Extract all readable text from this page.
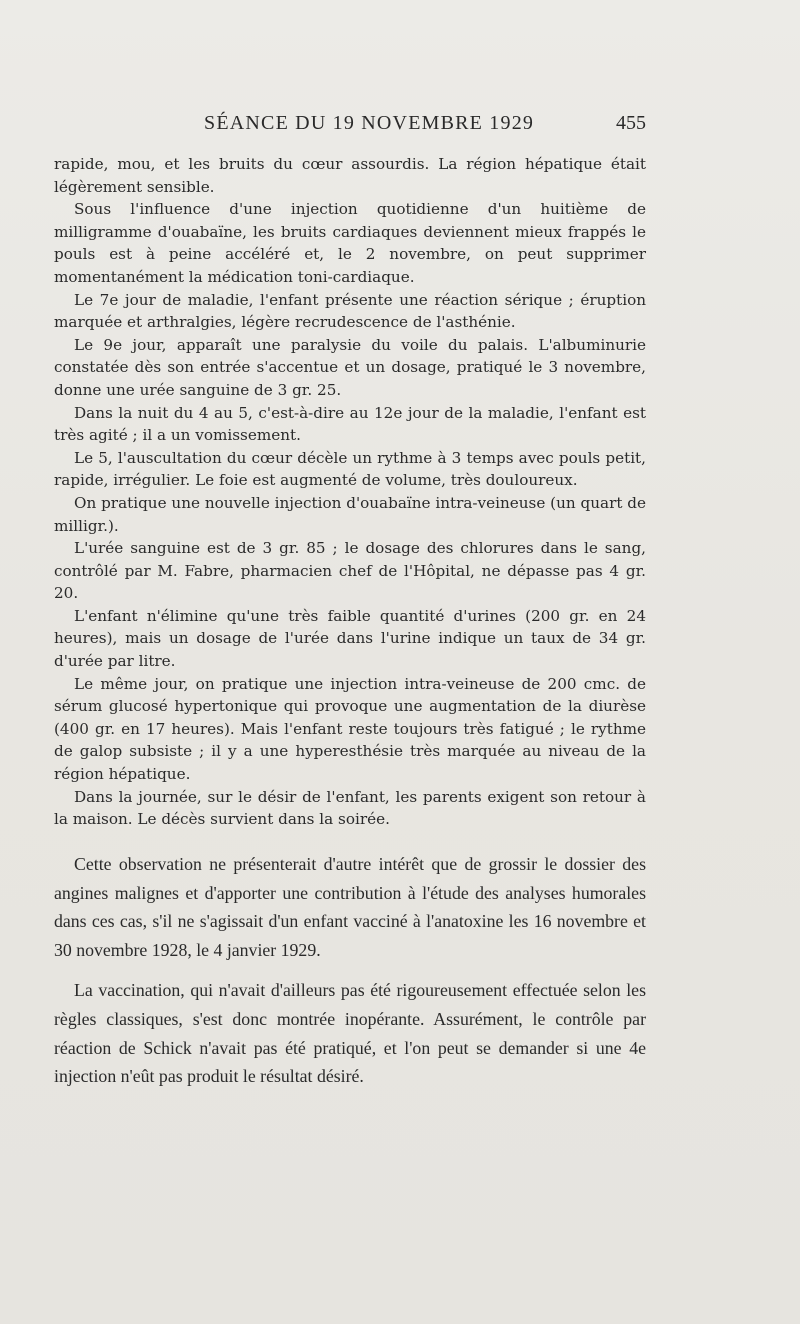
SÉANCE DU 19 NOVEMBRE 1929	455

rapide, mou, et les bruits du cœur assourdis. La région hépatique était légèrement sensible.

Sous l'influence d'une injection quotidienne d'un huitième de milligramme d'ouabaïne, les bruits cardiaques deviennent mieux frappés le pouls est à peine accéléré et, le 2 novembre, on peut supprimer momentanément la médication toni-cardiaque.

Le 7e jour de maladie, l'enfant présente une réaction sérique ; éruption marquée et arthralgies, légère recrudescence de l'asthénie.

Le 9e jour, apparaît une paralysie du voile du palais. L'albuminurie constatée dès son entrée s'accentue et un dosage, pratiqué le 3 novembre, donne une urée sanguine de 3 gr. 25.

Dans la nuit du 4 au 5, c'est-à-dire au 12e jour de la maladie, l'enfant est très agité ; il a un vomissement.

Le 5, l'auscultation du cœur décèle un rythme à 3 temps avec pouls petit, rapide, irrégulier. Le foie est augmenté de volume, très douloureux.

On pratique une nouvelle injection d'ouabaïne intra-veineuse (un quart de milligr.).

L'urée sanguine est de 3 gr. 85 ; le dosage des chlorures dans le sang, contrôlé par M. Fabre, pharmacien chef de l'Hôpital, ne dépasse pas 4 gr. 20.

L'enfant n'élimine qu'une très faible quantité d'urines (200 gr. en 24 heures), mais un dosage de l'urée dans l'urine indique un taux de 34 gr. d'urée par litre.

Le même jour, on pratique une injection intra-veineuse de 200 cmc. de sérum glucosé hypertonique qui provoque une augmentation de la diurèse (400 gr. en 17 heures). Mais l'enfant reste toujours très fatigué ; le rythme de galop subsiste ; il y a une hyperesthésie très marquée au niveau de la région hépatique.

Dans la journée, sur le désir de l'enfant, les parents exigent son retour à la maison. Le décès survient dans la soirée.

Cette observation ne présenterait d'autre intérêt que de grossir le dossier des angines malignes et d'apporter une contribution à l'étude des analyses humorales dans ces cas, s'il ne s'agissait d'un enfant vacciné à l'anatoxine les 16 novembre et 30 novembre 1928, le 4 janvier 1929.

La vaccination, qui n'avait d'ailleurs pas été rigoureusement effectuée selon les règles classiques, s'est donc montrée inopérante. Assurément, le contrôle par réaction de Schick n'avait pas été pratiqué, et l'on peut se demander si une 4e injection n'eût pas produit le résultat désiré.
